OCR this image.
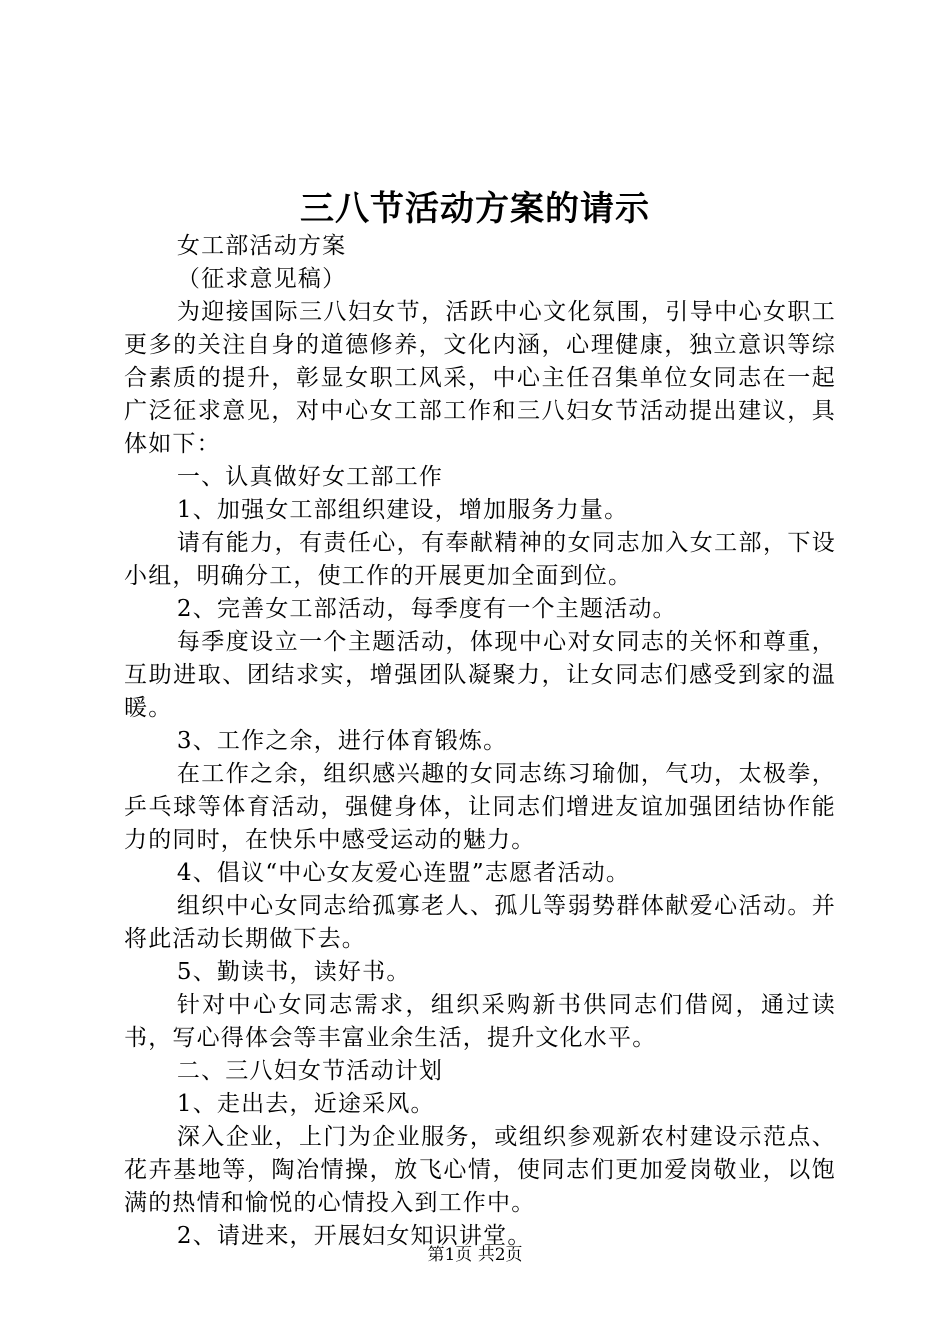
三八节活动方案的请示

女工部活动方案

（征求意见稿）

为迎接国际三八妇女节，活跃中心文化氛围，引导中心女职工更多的关注自身的道德修养，文化内涵，心理健康，独立意识等综合素质的提升，彰显女职工风采，中心主任召集单位女同志在一起广泛征求意见，对中心女工部工作和三八妇女节活动提出建议，具体如下：

一、认真做好女工部工作

1、加强女工部组织建设，增加服务力量。

请有能力，有责任心，有奉献精神的女同志加入女工部，下设小组，明确分工，使工作的开展更加全面到位。

2、完善女工部活动，每季度有一个主题活动。

每季度设立一个主题活动，体现中心对女同志的关怀和尊重，互助进取、团结求实，增强团队凝聚力，让女同志们感受到家的温暖。

3、工作之余，进行体育锻炼。

在工作之余，组织感兴趣的女同志练习瑜伽，气功，太极拳，乒乓球等体育活动，强健身体，让同志们增进友谊加强团结协作能力的同时，在快乐中感受运动的魅力。

4、倡议“中心女友爱心连盟”志愿者活动。

组织中心女同志给孤寡老人、孤儿等弱势群体献爱心活动。并将此活动长期做下去。

5、勤读书，读好书。

针对中心女同志需求，组织采购新书供同志们借阅，通过读书，写心得体会等丰富业余生活，提升文化水平。

二、三八妇女节活动计划

1、走出去，近途采风。

深入企业，上门为企业服务，或组织参观新农村建设示范点、花卉基地等，陶冶情操，放飞心情，使同志们更加爱岗敬业，以饱满的热情和愉悦的心情投入到工作中。

2、请进来，开展妇女知识讲堂。

第1页 共2页
